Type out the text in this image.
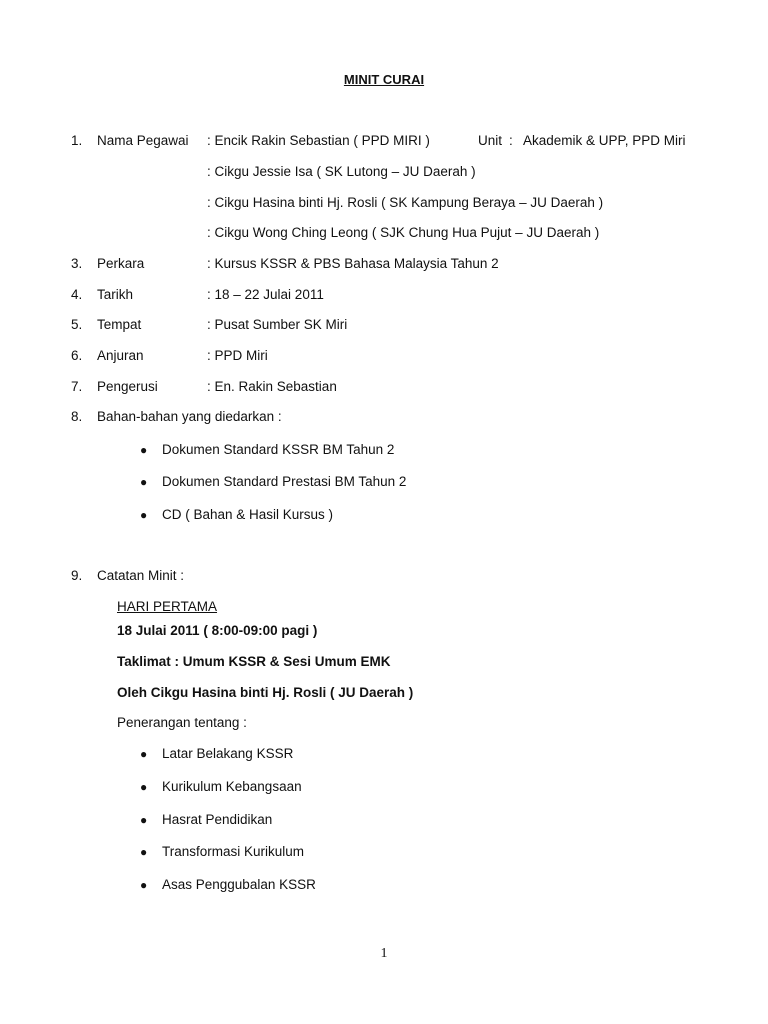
MINIT CURAI
1. Nama Pegawai : Encik Rakin Sebastian ( PPD MIRI )	Unit : Akademik & UPP, PPD Miri
: Cikgu Jessie Isa ( SK Lutong – JU Daerah )
: Cikgu Hasina binti Hj. Rosli ( SK Kampung Beraya – JU Daerah )
: Cikgu Wong Ching Leong ( SJK Chung Hua Pujut – JU Daerah )
3. Perkara	: Kursus KSSR & PBS Bahasa Malaysia Tahun 2
4. Tarikh	: 18 – 22 Julai 2011
5. Tempat	: Pusat Sumber SK Miri
6. Anjuran	: PPD Miri
7. Pengerusi	: En. Rakin Sebastian
8. Bahan-bahan yang diedarkan :
● Dokumen Standard KSSR BM Tahun 2
● Dokumen Standard Prestasi BM Tahun 2
● CD ( Bahan & Hasil Kursus )
9. Catatan Minit :
HARI PERTAMA
18 Julai 2011 ( 8:00-09:00 pagi )
Taklimat : Umum KSSR & Sesi Umum EMK
Oleh Cikgu Hasina binti Hj. Rosli ( JU Daerah )
Penerangan tentang :
● Latar Belakang KSSR
● Kurikulum Kebangsaan
● Hasrat Pendidikan
● Transformasi Kurikulum
● Asas Penggubalan KSSR
1
